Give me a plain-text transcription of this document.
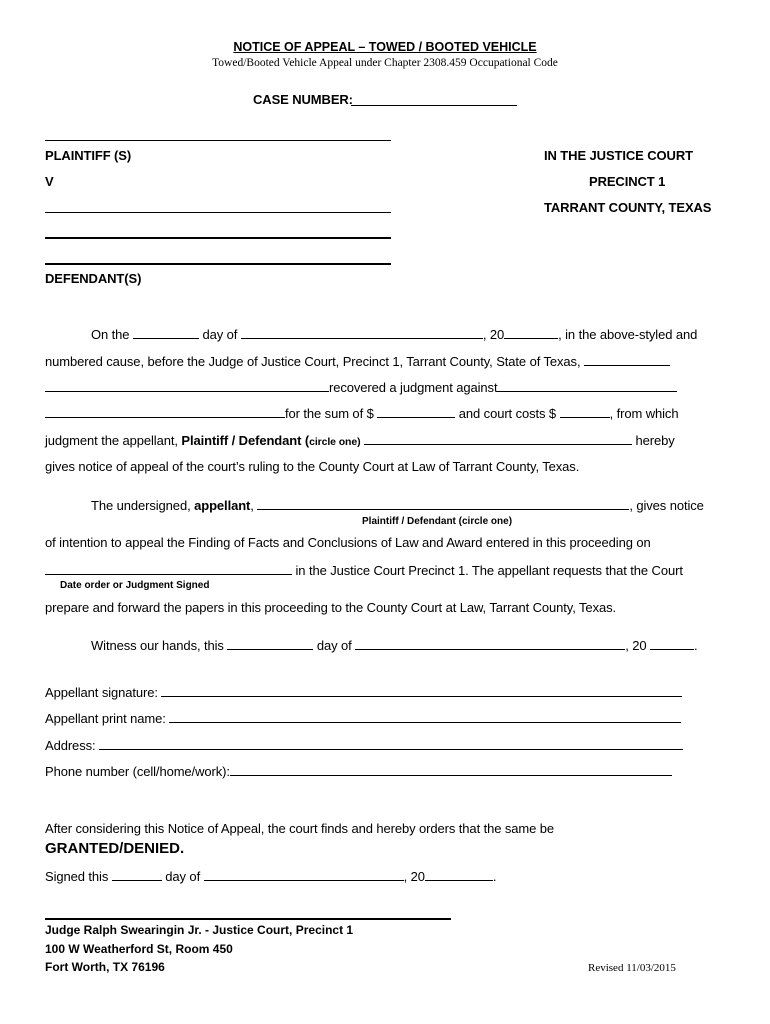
NOTICE OF APPEAL – TOWED / BOOTED VEHICLE
Towed/Booted Vehicle Appeal under Chapter 2308.459 Occupational Code
CASE NUMBER:
PLAINTIFF (S)
V
DEFENDANT(S)
IN THE JUSTICE COURT
PRECINCT 1
TARRANT COUNTY, TEXAS
On the	day of	, 20	, in the above-styled and
numbered cause, before the Judge of Justice Court, Precinct 1, Tarrant County, State of Texas,
recovered a judgment against
for the sum of $	and court costs $	, from which
judgment the appellant, Plaintiff / Defendant (circle one)	hereby
gives notice of appeal of the court’s ruling to the County Court at Law of Tarrant County, Texas.
The undersigned, appellant,	, gives notice
Plaintiff / Defendant (circle one)
of intention to appeal the Finding of Facts and Conclusions of Law and Award entered in this proceeding on
in the Justice Court Precinct 1. The appellant requests that the Court
Date order or Judgment Signed
prepare and forward the papers in this proceeding to the County Court at Law, Tarrant County, Texas.
Witness our hands, this	day of	, 20	.
Appellant signature:
Appellant print name:
Address:
Phone number (cell/home/work):
After considering this Notice of Appeal, the court finds and hereby orders that the same be
GRANTED/DENIED.
Signed this	day of	, 20	.
Judge Ralph Swearingin Jr. - Justice Court, Precinct 1
100 W Weatherford St, Room 450
Fort Worth, TX 76196	Revised 11/03/2015
